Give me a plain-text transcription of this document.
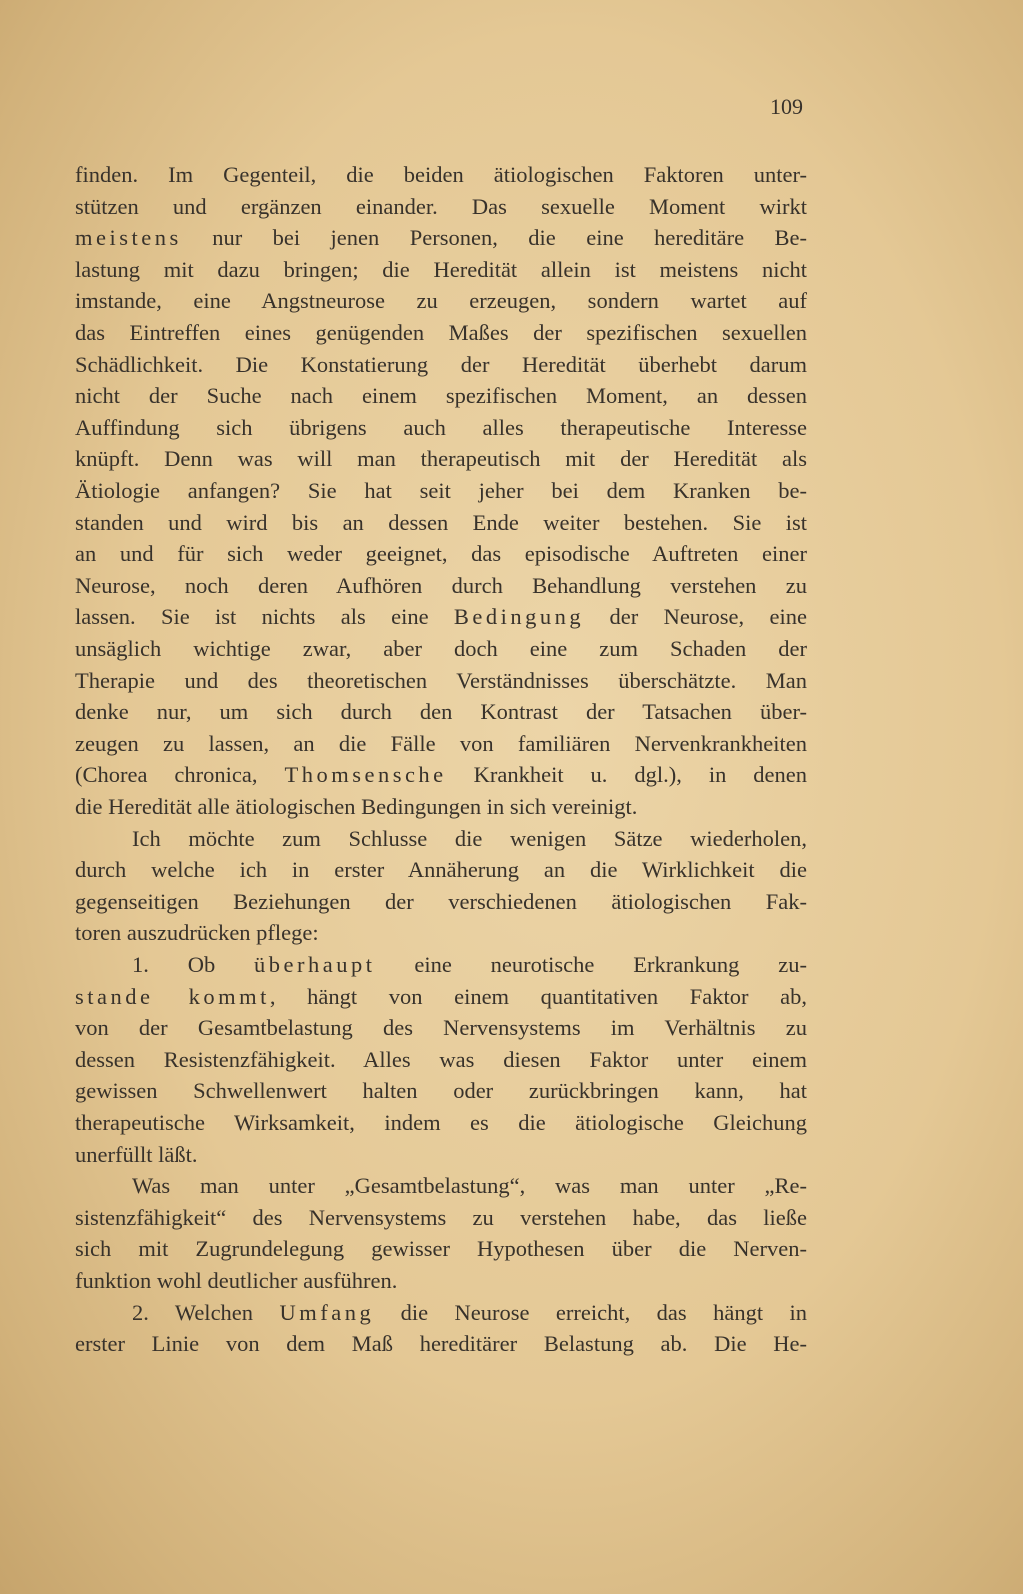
109
finden. Im Gegenteil, die beiden ätiologischen Faktoren unter-
stützen und ergänzen einander. Das sexuelle Moment wirkt
meistens nur bei jenen Personen, die eine hereditäre Be-
lastung mit dazu bringen; die Heredität allein ist meistens nicht
imstande, eine Angstneurose zu erzeugen, sondern wartet auf
das Eintreffen eines genügenden Maßes der spezifischen sexuellen
Schädlichkeit. Die Konstatierung der Heredität überhebt darum
nicht der Suche nach einem spezifischen Moment, an dessen
Auffindung sich übrigens auch alles therapeutische Interesse
knüpft. Denn was will man therapeutisch mit der Heredität als
Ätiologie anfangen? Sie hat seit jeher bei dem Kranken be-
standen und wird bis an dessen Ende weiter bestehen. Sie ist
an und für sich weder geeignet, das episodische Auftreten einer
Neurose, noch deren Aufhören durch Behandlung verstehen zu
lassen. Sie ist nichts als eine Bedingung der Neurose, eine
unsäglich wichtige zwar, aber doch eine zum Schaden der
Therapie und des theoretischen Verständnisses überschätzte. Man
denke nur, um sich durch den Kontrast der Tatsachen über-
zeugen zu lassen, an die Fälle von familiären Nervenkrankheiten
(Chorea chronica, Thomsensche Krankheit u. dgl.), in denen
die Heredität alle ätiologischen Bedingungen in sich vereinigt.
Ich möchte zum Schlusse die wenigen Sätze wiederholen,
durch welche ich in erster Annäherung an die Wirklichkeit die
gegenseitigen Beziehungen der verschiedenen ätiologischen Fak-
toren auszudrücken pflege:
1. Ob überhaupt eine neurotische Erkrankung zu-
stande kommt, hängt von einem quantitativen Faktor ab,
von der Gesamtbelastung des Nervensystems im Verhältnis zu
dessen Resistenzfähigkeit. Alles was diesen Faktor unter einem
gewissen Schwellenwert halten oder zurückbringen kann, hat
therapeutische Wirksamkeit, indem es die ätiologische Gleichung
unerfüllt läßt.
Was man unter „Gesamtbelastung“, was man unter „Re-
sistenzfähigkeit“ des Nervensystems zu verstehen habe, das ließe
sich mit Zugrundelegung gewisser Hypothesen über die Nerven-
funktion wohl deutlicher ausführen.
2. Welchen Umfang die Neurose erreicht, das hängt in
erster Linie von dem Maß hereditärer Belastung ab. Die He-
